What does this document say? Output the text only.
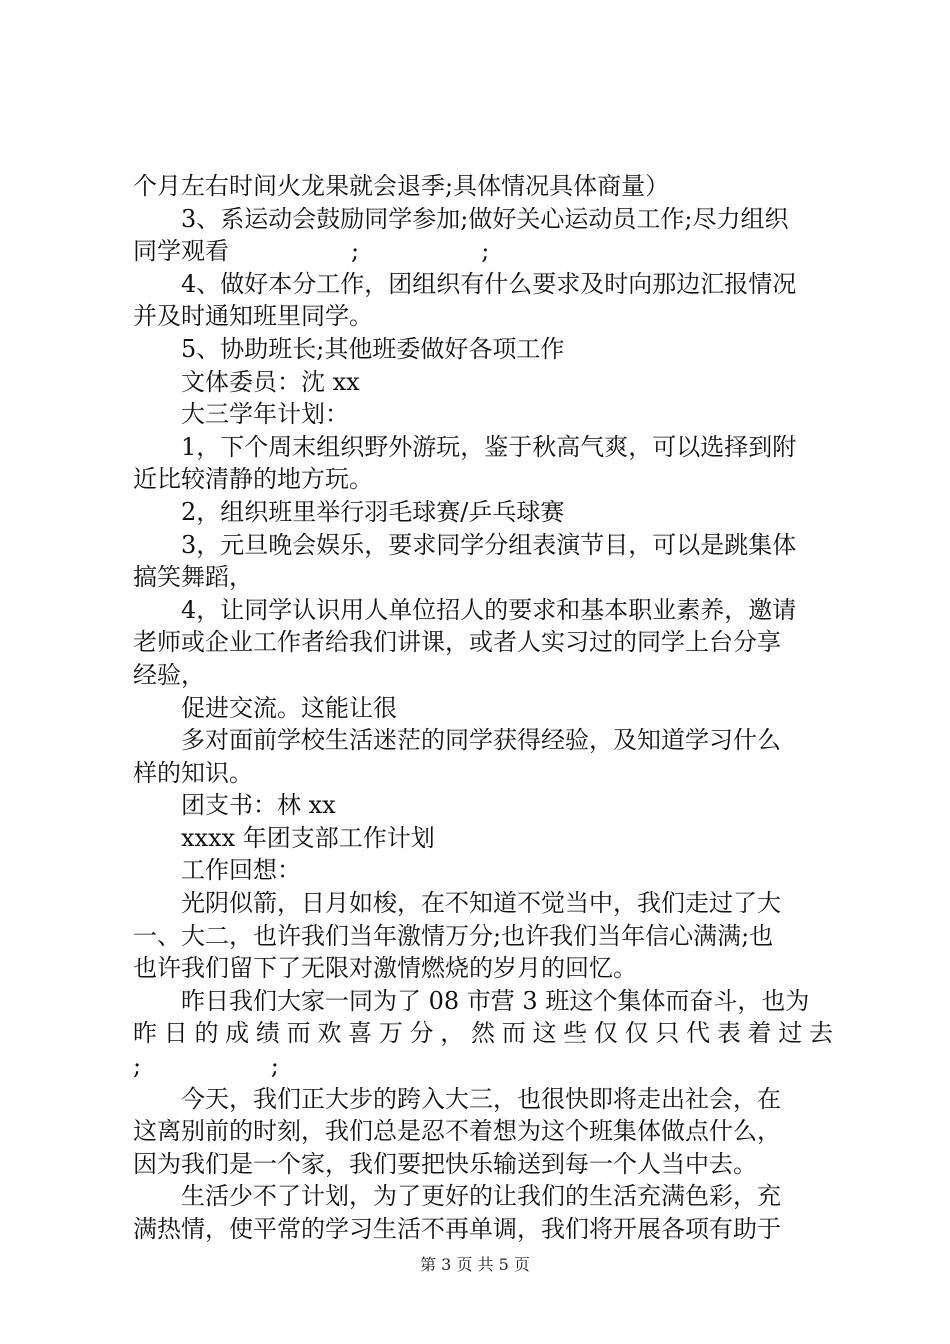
个月左右时间火龙果就会退季;具体情况具体商量）
3、系运动会鼓励同学参加;做好关心运动员工作;尽力组织
同学观看                ;                ;
4、做好本分工作，团组织有什么要求及时向那边汇报情况
并及时通知班里同学。
5、协助班长;其他班委做好各项工作
文体委员：沈 xx
大三学年计划：
1，下个周末组织野外游玩，鉴于秋高气爽，可以选择到附
近比较清静的地方玩。
2，组织班里举行羽毛球赛/乒乓球赛
3，元旦晚会娱乐，要求同学分组表演节目，可以是跳集体
搞笑舞蹈，
4，让同学认识用人单位招人的要求和基本职业素养，邀请
老师或企业工作者给我们讲课，或者人实习过的同学上台分享
经验，
促进交流。这能让很
多对面前学校生活迷茫的同学获得经验，及知道学习什么
样的知识。
团支书：林 xx
xxxx 年团支部工作计划
工作回想：
光阴似箭，日月如梭，在不知道不觉当中，我们走过了大
一、大二，也许我们当年激情万分;也许我们当年信心满满;也
也许我们留下了无限对激情燃烧的岁月的回忆。
昨日我们大家一同为了 08 市营 3 班这个集体而奋斗，也为
昨日的成绩而欢喜万分，然而这些仅仅只代表着过去
;                 ;
今天，我们正大步的跨入大三，也很快即将走出社会，在
这离别前的时刻，我们总是忍不着想为这个班集体做点什么，
因为我们是一个家，我们要把快乐输送到每一个人当中去。
生活少不了计划，为了更好的让我们的生活充满色彩，充
满热情，使平常的学习生活不再单调，我们将开展各项有助于
第 3 页 共 5 页
